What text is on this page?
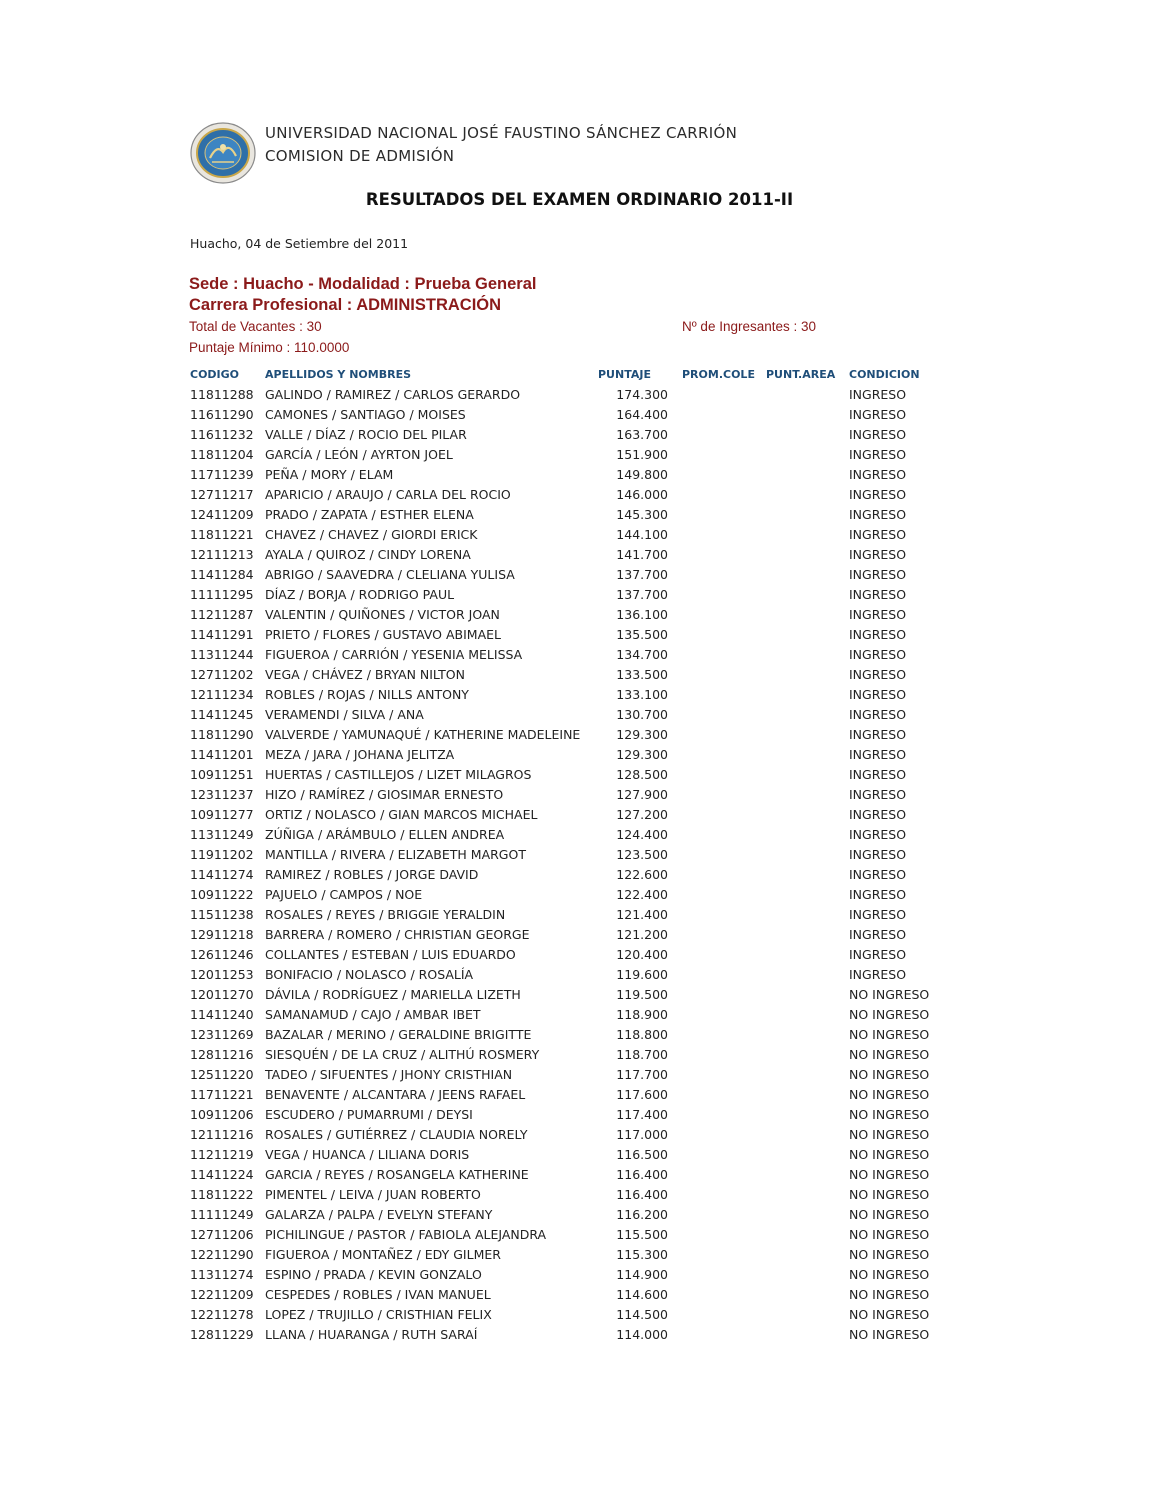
UNIVERSIDAD NACIONAL JOSÉ FAUSTINO SÁNCHEZ CARRIÓN
COMISION DE ADMISIÓN
RESULTADOS DEL EXAMEN ORDINARIO 2011-II
Huacho, 04 de Setiembre del 2011
Sede : Huacho - Modalidad : Prueba General
Carrera Profesional : ADMINISTRACIÓN
Total de Vacantes : 30	Nº de Ingresantes : 30
Puntaje Mínimo : 110.0000
CODIGO APELLIDOS Y NOMBRES	PUNTAJE	PROM.COLE PUNT.AREA CONDICION
11811288 GALINDO / RAMIREZ / CARLOS GERARDO	174.300	INGRESO
11611290 CAMONES / SANTIAGO / MOISES	164.400	INGRESO
11611232 VALLE / DÍAZ / ROCIO DEL PILAR	163.700	INGRESO
11811204 GARCÍA / LEÓN / AYRTON JOEL	151.900	INGRESO
11711239 PEÑA / MORY / ELAM	149.800	INGRESO
12711217 APARICIO / ARAUJO / CARLA DEL ROCIO	146.000	INGRESO
12411209 PRADO / ZAPATA / ESTHER ELENA	145.300	INGRESO
11811221 CHAVEZ / CHAVEZ / GIORDI ERICK	144.100	INGRESO
12111213 AYALA / QUIROZ / CINDY LORENA	141.700	INGRESO
11411284 ABRIGO / SAAVEDRA / CLELIANA YULISA	137.700	INGRESO
11111295 DÍAZ / BORJA / RODRIGO PAUL	137.700	INGRESO
11211287 VALENTIN / QUIÑONES / VICTOR JOAN	136.100	INGRESO
11411291 PRIETO / FLORES / GUSTAVO ABIMAEL	135.500	INGRESO
11311244 FIGUEROA / CARRIÓN / YESENIA MELISSA	134.700	INGRESO
12711202 VEGA / CHÁVEZ / BRYAN NILTON	133.500	INGRESO
12111234 ROBLES / ROJAS / NILLS ANTONY	133.100	INGRESO
11411245 VERAMENDI / SILVA / ANA	130.700	INGRESO
11811290 VALVERDE / YAMUNAQUÉ / KATHERINE MADELEINE	129.300	INGRESO
11411201 MEZA / JARA / JOHANA JELITZA	129.300	INGRESO
10911251 HUERTAS / CASTILLEJOS / LIZET MILAGROS	128.500	INGRESO
12311237 HIZO / RAMÍREZ / GIOSIMAR ERNESTO	127.900	INGRESO
10911277 ORTIZ / NOLASCO / GIAN MARCOS MICHAEL	127.200	INGRESO
11311249 ZÚÑIGA / ARÁMBULO / ELLEN ANDREA	124.400	INGRESO
11911202 MANTILLA / RIVERA / ELIZABETH MARGOT	123.500	INGRESO
11411274 RAMIREZ / ROBLES / JORGE DAVID	122.600	INGRESO
10911222 PAJUELO / CAMPOS / NOE	122.400	INGRESO
11511238 ROSALES / REYES / BRIGGIE YERALDIN	121.400	INGRESO
12911218 BARRERA / ROMERO / CHRISTIAN GEORGE	121.200	INGRESO
12611246 COLLANTES / ESTEBAN / LUIS EDUARDO	120.400	INGRESO
12011253 BONIFACIO / NOLASCO / ROSALÍA	119.600	INGRESO
12011270 DÁVILA / RODRÍGUEZ / MARIELLA LIZETH	119.500	NO INGRESO
11411240 SAMANAMUD / CAJO / AMBAR IBET	118.900	NO INGRESO
12311269 BAZALAR / MERINO / GERALDINE BRIGITTE	118.800	NO INGRESO
12811216 SIESQUÉN / DE LA CRUZ / ALITHÚ ROSMERY	118.700	NO INGRESO
12511220 TADEO / SIFUENTES / JHONY CRISTHIAN	117.700	NO INGRESO
11711221 BENAVENTE / ALCANTARA / JEENS RAFAEL	117.600	NO INGRESO
10911206 ESCUDERO / PUMARRUMI / DEYSI	117.400	NO INGRESO
12111216 ROSALES / GUTIÉRREZ / CLAUDIA NORELY	117.000	NO INGRESO
11211219 VEGA / HUANCA / LILIANA DORIS	116.500	NO INGRESO
11411224 GARCIA / REYES / ROSANGELA KATHERINE	116.400	NO INGRESO
11811222 PIMENTEL / LEIVA / JUAN ROBERTO	116.400	NO INGRESO
11111249 GALARZA / PALPA / EVELYN STEFANY	116.200	NO INGRESO
12711206 PICHILINGUE / PASTOR / FABIOLA ALEJANDRA	115.500	NO INGRESO
12211290 FIGUEROA / MONTAÑEZ / EDY GILMER	115.300	NO INGRESO
11311274 ESPINO / PRADA / KEVIN GONZALO	114.900	NO INGRESO
12211209 CESPEDES / ROBLES / IVAN MANUEL	114.600	NO INGRESO
12211278 LOPEZ / TRUJILLO / CRISTHIAN FELIX	114.500	NO INGRESO
12811229 LLANA / HUARANGA / RUTH SARAÍ	114.000	NO INGRESO
